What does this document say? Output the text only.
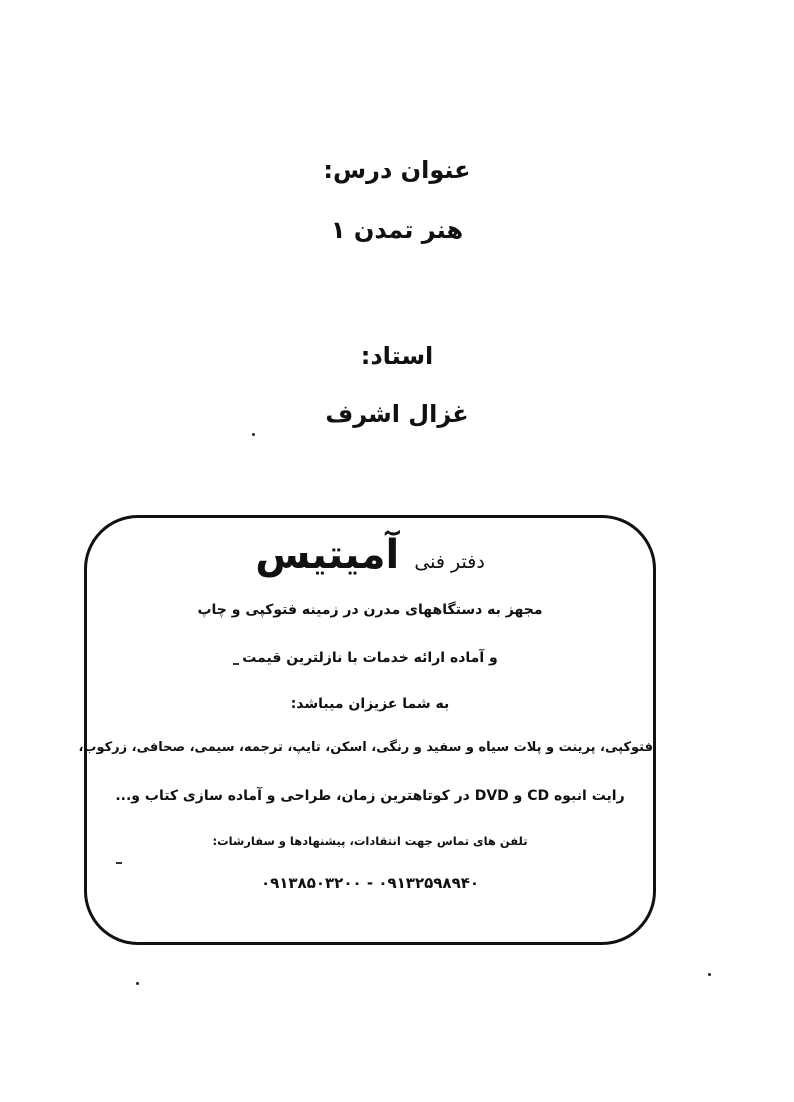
عنوان درس:
هنر تمدن ۱
استاد:
غزال اشرف
دفتر فنی آمیتیس
مجهز به دستگاههای مدرن در زمینه فتوکپی و چاپ
و آماده ارائه خدمات با نازلترین قیمت
به شما عزیزان میباشد:
فتوکپی، پرینت و پلات سیاه و سفید و رنگی، اسکن، تایپ، ترجمه، سیمی، صحافی، زرکوب،
رایت انبوه CD و DVD در کوتاهترین زمان، طراحی و آماده سازی کتاب و...
تلفن های تماس جهت انتقادات، پیشنهادها و سفارشات:
۰۹۱۳۲۵۹۸۹۴۰ - ۰۹۱۳۸۵۰۳۲۰۰
